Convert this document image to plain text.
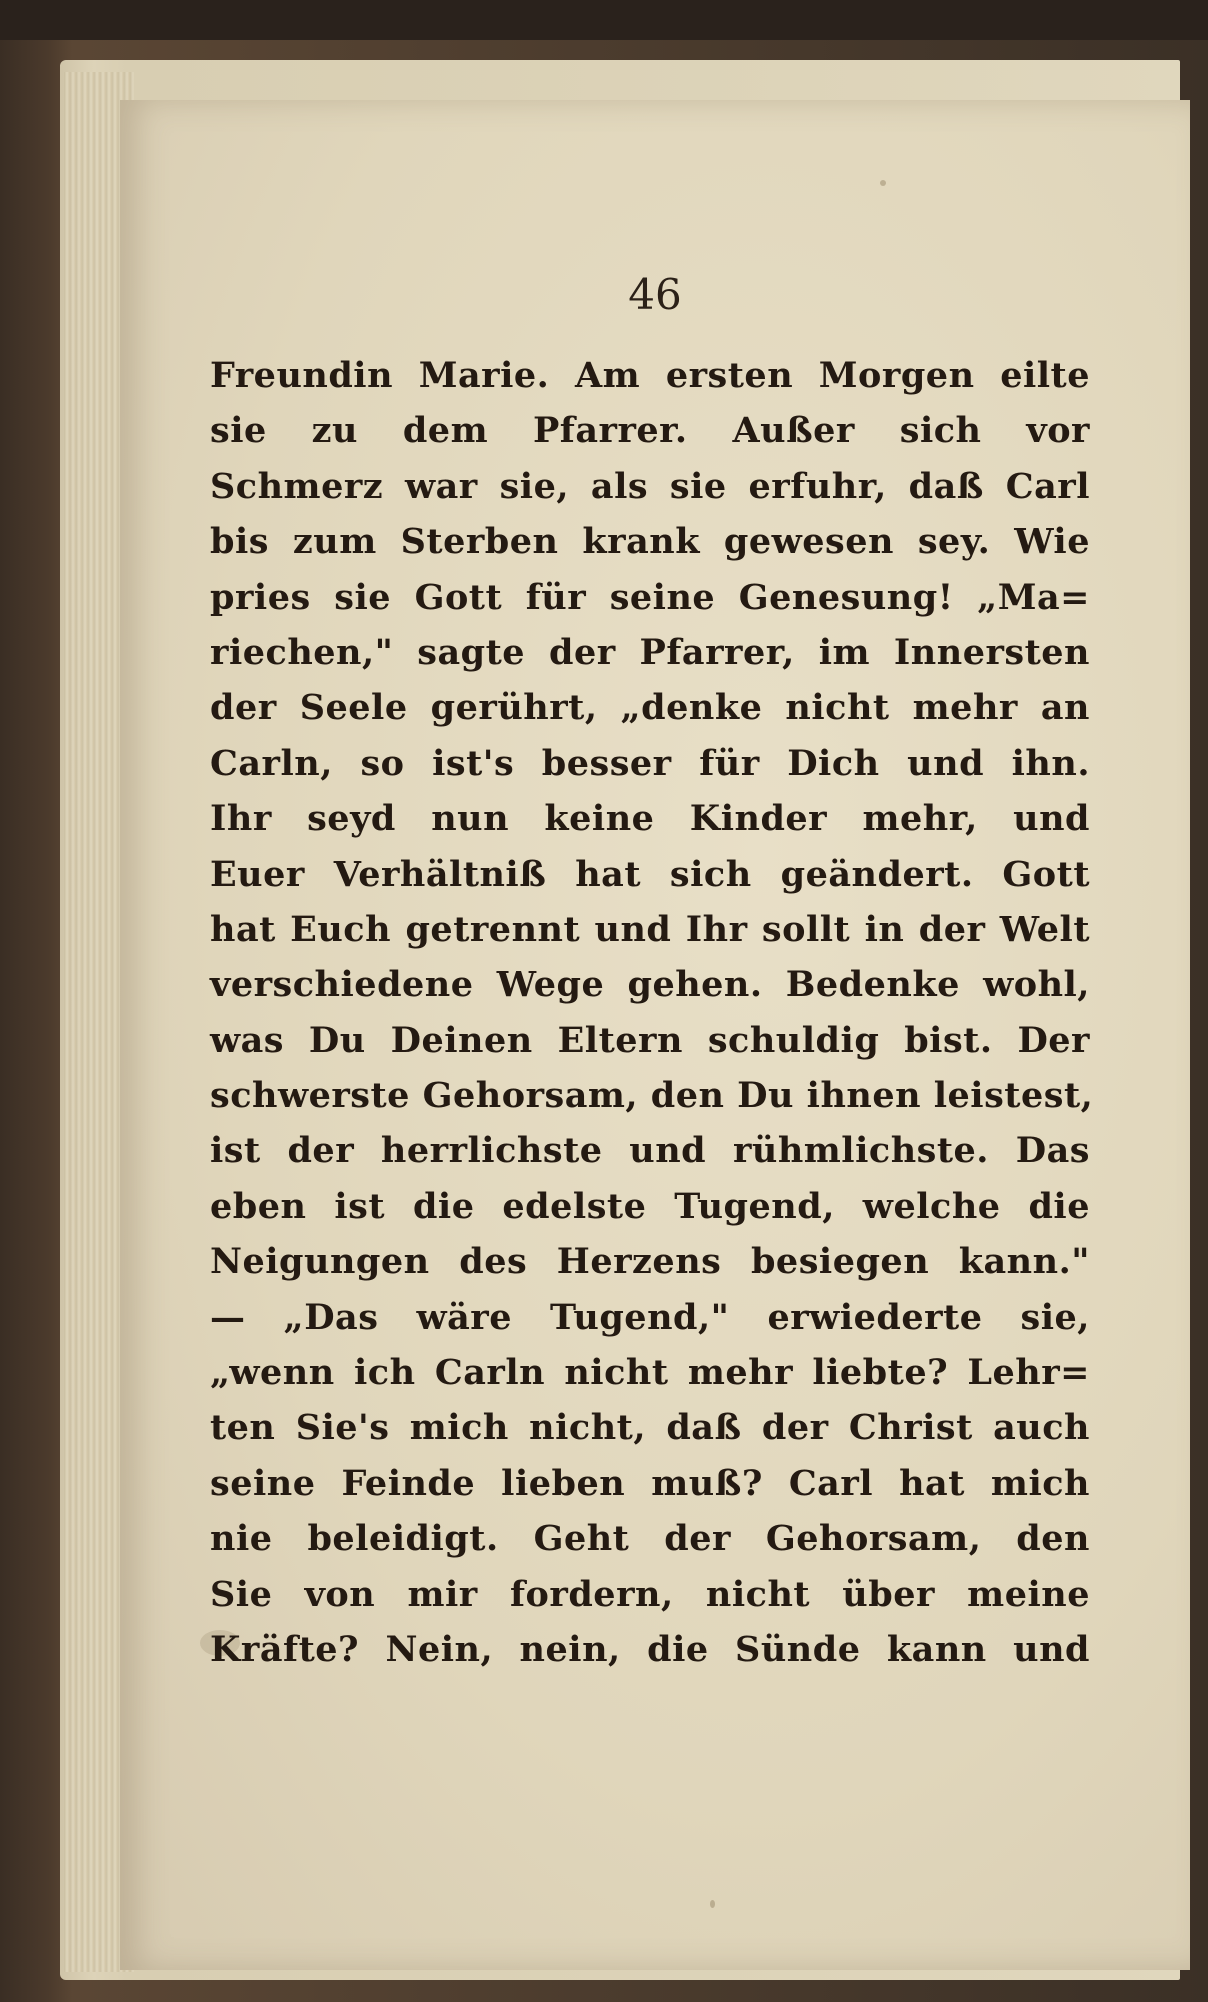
46
Freundin Marie. Am ersten Morgen eilte
sie zu dem Pfarrer. Außer sich vor
Schmerz war sie, als sie erfuhr, daß Carl
bis zum Sterben krank gewesen sey. Wie
pries sie Gott für seine Genesung! „Ma=
riechen," sagte der Pfarrer, im Innersten
der Seele gerührt, „denke nicht mehr an
Carln, so ist's besser für Dich und ihn.
Ihr seyd nun keine Kinder mehr, und
Euer Verhältniß hat sich geändert. Gott
hat Euch getrennt und Ihr sollt in der Welt
verschiedene Wege gehen. Bedenke wohl,
was Du Deinen Eltern schuldig bist. Der
schwerste Gehorsam, den Du ihnen leistest,
ist der herrlichste und rühmlichste. Das
eben ist die edelste Tugend, welche die
Neigungen des Herzens besiegen kann."
— „Das wäre Tugend," erwiederte sie,
„wenn ich Carln nicht mehr liebte? Lehr=
ten Sie's mich nicht, daß der Christ auch
seine Feinde lieben muß? Carl hat mich
nie beleidigt. Geht der Gehorsam, den
Sie von mir fordern, nicht über meine
Kräfte? Nein, nein, die Sünde kann und
